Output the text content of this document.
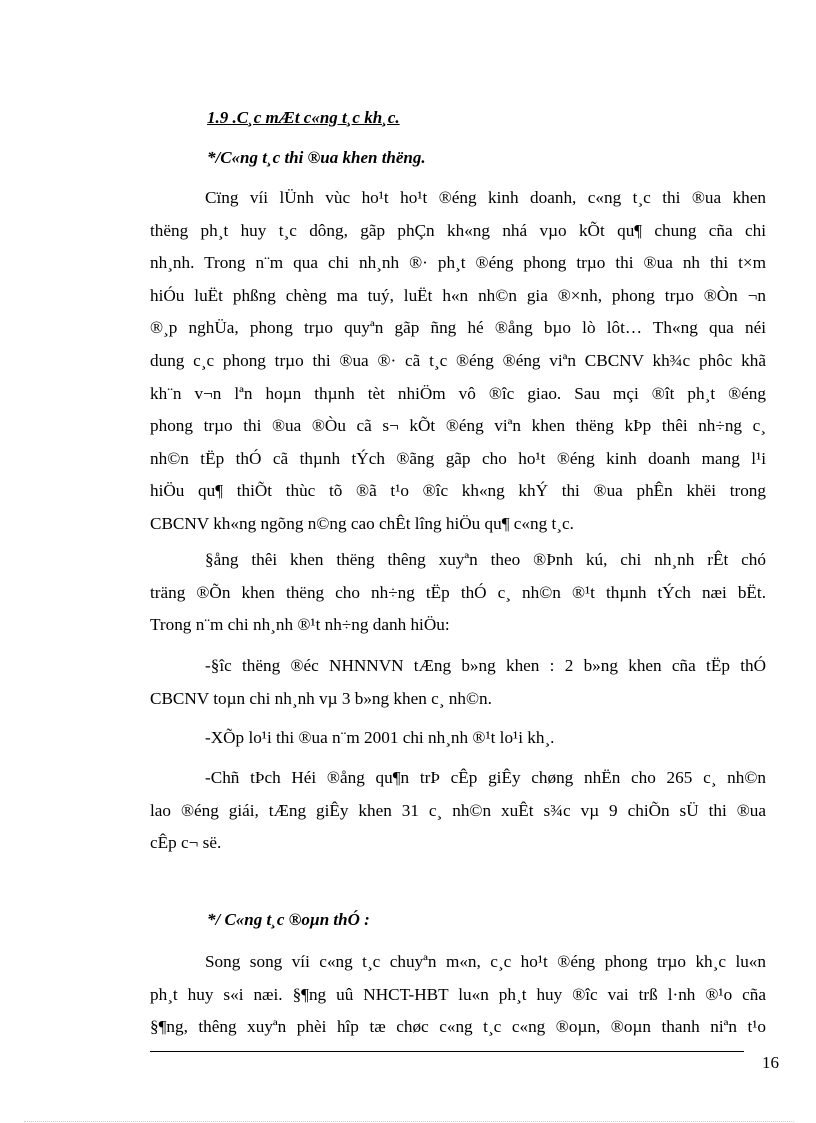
1.9 .C¸c mÆt c«ng t¸c kh¸c.
*/C«ng t¸c thi ®ua khen thëng.
Cïng víi lÜnh vùc ho¹t ho¹t ®éng kinh doanh, c«ng t¸c thi ®ua khen
thëng ph¸t huy t¸c dông, gãp phÇn kh«ng nhá vµo kÕt qu¶ chung cña chi
nh¸nh. Trong n¨m qua chi nh¸nh ®· ph¸t ®éng phong trµo thi ®ua nh thi t×m
hiÓu luËt phßng chèng ma tuý, luËt h«n nh©n gia ®×nh, phong trµo ®Òn ¬n
®¸p nghÜa, phong trµo quyªn gãp ñng hé ®ång bµo lò lôt… Th«ng qua néi
dung c¸c phong trµo thi ®ua ®· cã t¸c ®éng ®éng viªn CBCNV kh¾c phôc khã
kh¨n v¬n lªn hoµn thµnh tèt nhiÖm vô ®îc giao. Sau mçi ®ît ph¸t ®éng
phong trµo thi ®ua ®Òu cã s¬ kÕt ®éng viªn khen thëng kÞp thêi nh÷ng c¸
nh©n tËp thÓ cã thµnh tÝch ®ãng gãp cho ho¹t ®éng kinh doanh mang l¹i
hiÖu qu¶ thiÕt thùc tõ ®ã t¹o ®îc kh«ng khÝ thi ®ua phÊn khëi trong
CBCNV kh«ng ngõng n©ng cao chÊt lîng hiÖu qu¶ c«ng t¸c.
§ång thêi khen thëng thêng xuyªn theo ®Þnh kú, chi nh¸nh rÊt chó
träng ®Õn khen thëng cho nh÷ng tËp thÓ c¸ nh©n ®¹t thµnh tÝch næi bËt.
Trong n¨m chi nh¸nh ®¹t nh÷ng danh hiÖu:
-§îc thëng ®éc NHNNVN tÆng b»ng khen : 2 b»ng khen cña tËp thÓ
CBCNV toµn chi nh¸nh vµ 3 b»ng khen c¸ nh©n.
-XÕp lo¹i thi ®ua n¨m 2001 chi nh¸nh ®¹t lo¹i kh¸.
-Chñ tÞch Héi ®ång qu¶n trÞ cÊp giÊy chøng nhËn cho 265 c¸ nh©n
lao ®éng giái, tÆng giÊy khen 31 c¸ nh©n xuÊt s¾c vµ 9 chiÕn sÜ thi ®ua
cÊp c¬ së.
*/ C«ng t¸c ®oµn thÓ :
Song song víi c«ng t¸c chuyªn m«n, c¸c ho¹t ®éng phong trµo kh¸c lu«n
ph¸t huy s«i næi. §¶ng uû NHCT-HBT lu«n ph¸t huy ®îc vai trß l·nh ®¹o cña
§¶ng, thêng xuyªn phèi hîp tæ chøc c«ng t¸c c«ng ®oµn, ®oµn thanh niªn t¹o
16
